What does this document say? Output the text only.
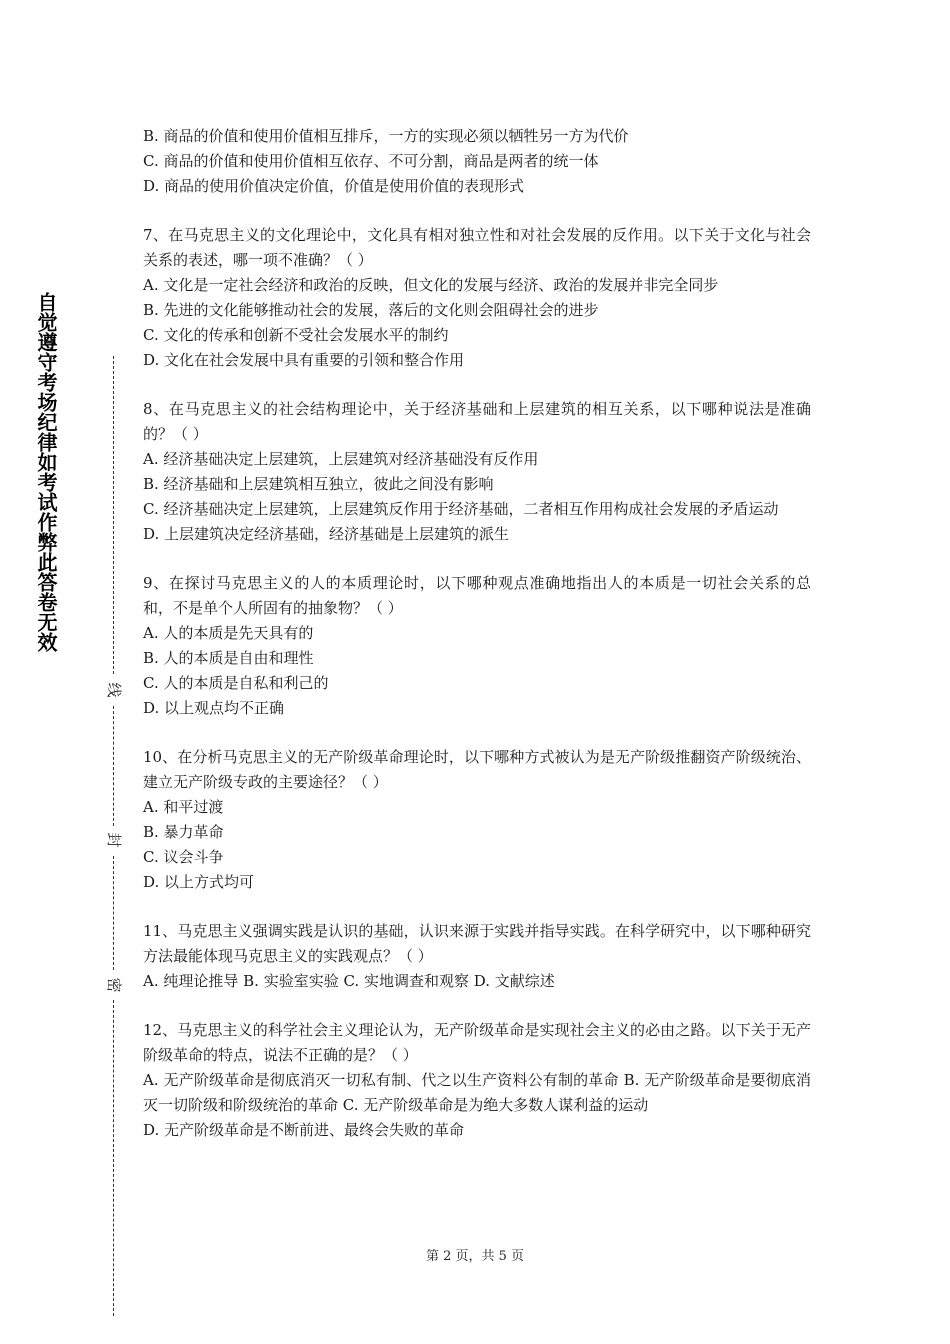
自觉遵守考场纪律如考试作弊此答卷无效
线
封
密

B. 商品的价值和使用价值相互排斥，一方的实现必须以牺牲另一方为代价

C. 商品的价值和使用价值相互依存、不可分割，商品是两者的统一体

D. 商品的使用价值决定价值，价值是使用价值的表现形式

7、在马克思主义的文化理论中，文化具有相对独立性和对社会发展的反作用。以下关于文化与社会关系的表述，哪一项不准确？（ ）

A. 文化是一定社会经济和政治的反映，但文化的发展与经济、政治的发展并非完全同步

B. 先进的文化能够推动社会的发展，落后的文化则会阻碍社会的进步

C. 文化的传承和创新不受社会发展水平的制约

D. 文化在社会发展中具有重要的引领和整合作用

8、在马克思主义的社会结构理论中，关于经济基础和上层建筑的相互关系，以下哪种说法是准确的？（ ）

A. 经济基础决定上层建筑，上层建筑对经济基础没有反作用

B. 经济基础和上层建筑相互独立，彼此之间没有影响

C. 经济基础决定上层建筑，上层建筑反作用于经济基础，二者相互作用构成社会发展的矛盾运动

D. 上层建筑决定经济基础，经济基础是上层建筑的派生

9、在探讨马克思主义的人的本质理论时，以下哪种观点准确地指出人的本质是一切社会关系的总和，不是单个人所固有的抽象物？（ ）

A. 人的本质是先天具有的

B. 人的本质是自由和理性

C. 人的本质是自私和利己的

D. 以上观点均不正确

10、在分析马克思主义的无产阶级革命理论时，以下哪种方式被认为是无产阶级推翻资产阶级统治、建立无产阶级专政的主要途径？（ ）

A. 和平过渡

B. 暴力革命

C. 议会斗争

D. 以上方式均可

11、马克思主义强调实践是认识的基础，认识来源于实践并指导实践。在科学研究中，以下哪种研究方法最能体现马克思主义的实践观点？（ ）

A. 纯理论推导 B. 实验室实验 C. 实地调查和观察 D. 文献综述

12、马克思主义的科学社会主义理论认为，无产阶级革命是实现社会主义的必由之路。以下关于无产阶级革命的特点，说法不正确的是？（ ）

A. 无产阶级革命是彻底消灭一切私有制、代之以生产资料公有制的革命 B. 无产阶级革命是要彻底消灭一切阶级和阶级统治的革命 C. 无产阶级革命是为绝大多数人谋利益的运动

D. 无产阶级革命是不断前进、最终会失败的革命

第 2 页，共 5 页
